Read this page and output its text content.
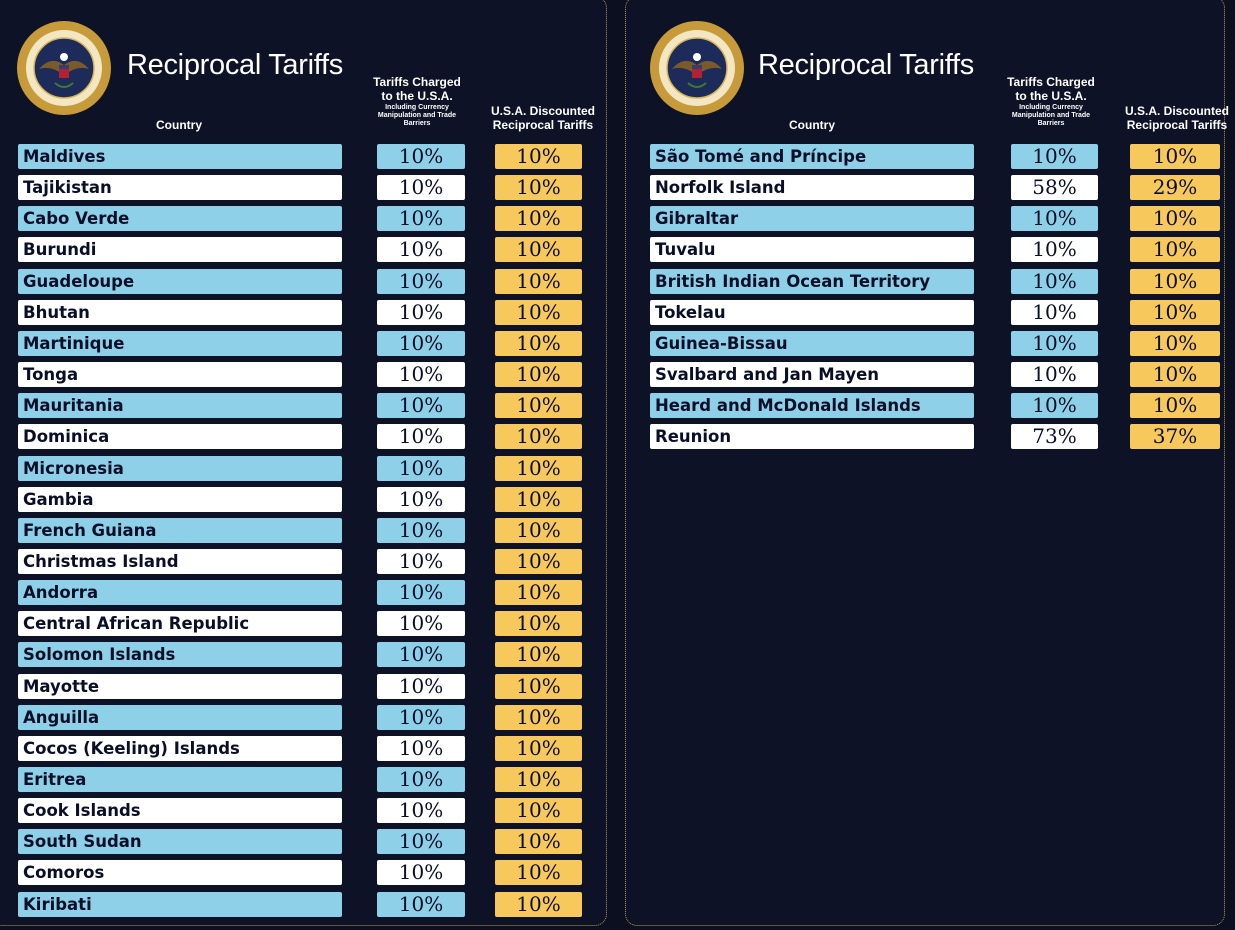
Reciprocal Tariffs
Country
Tariffs Charged to the U.S.A.
Including Currency Manipulation and Trade Barriers
U.S.A. Discounted Reciprocal Tariffs
Maldives	10%	10%
Tajikistan	10%	10%
Cabo Verde	10%	10%
Burundi	10%	10%
Guadeloupe	10%	10%
Bhutan	10%	10%
Martinique	10%	10%
Tonga	10%	10%
Mauritania	10%	10%
Dominica	10%	10%
Micronesia	10%	10%
Gambia	10%	10%
French Guiana	10%	10%
Christmas Island	10%	10%
Andorra	10%	10%
Central African Republic	10%	10%
Solomon Islands	10%	10%
Mayotte	10%	10%
Anguilla	10%	10%
Cocos (Keeling) Islands	10%	10%
Eritrea	10%	10%
Cook Islands	10%	10%
South Sudan	10%	10%
Comoros	10%	10%
Kiribati	10%	10%
Reciprocal Tariffs
Country
Tariffs Charged to the U.S.A.
Including Currency Manipulation and Trade Barriers
U.S.A. Discounted Reciprocal Tariffs
São Tomé and Príncipe	10%	10%
Norfolk Island	58%	29%
Gibraltar	10%	10%
Tuvalu	10%	10%
British Indian Ocean Territory	10%	10%
Tokelau	10%	10%
Guinea-Bissau	10%	10%
Svalbard and Jan Mayen	10%	10%
Heard and McDonald Islands	10%	10%
Reunion	73%	37%
